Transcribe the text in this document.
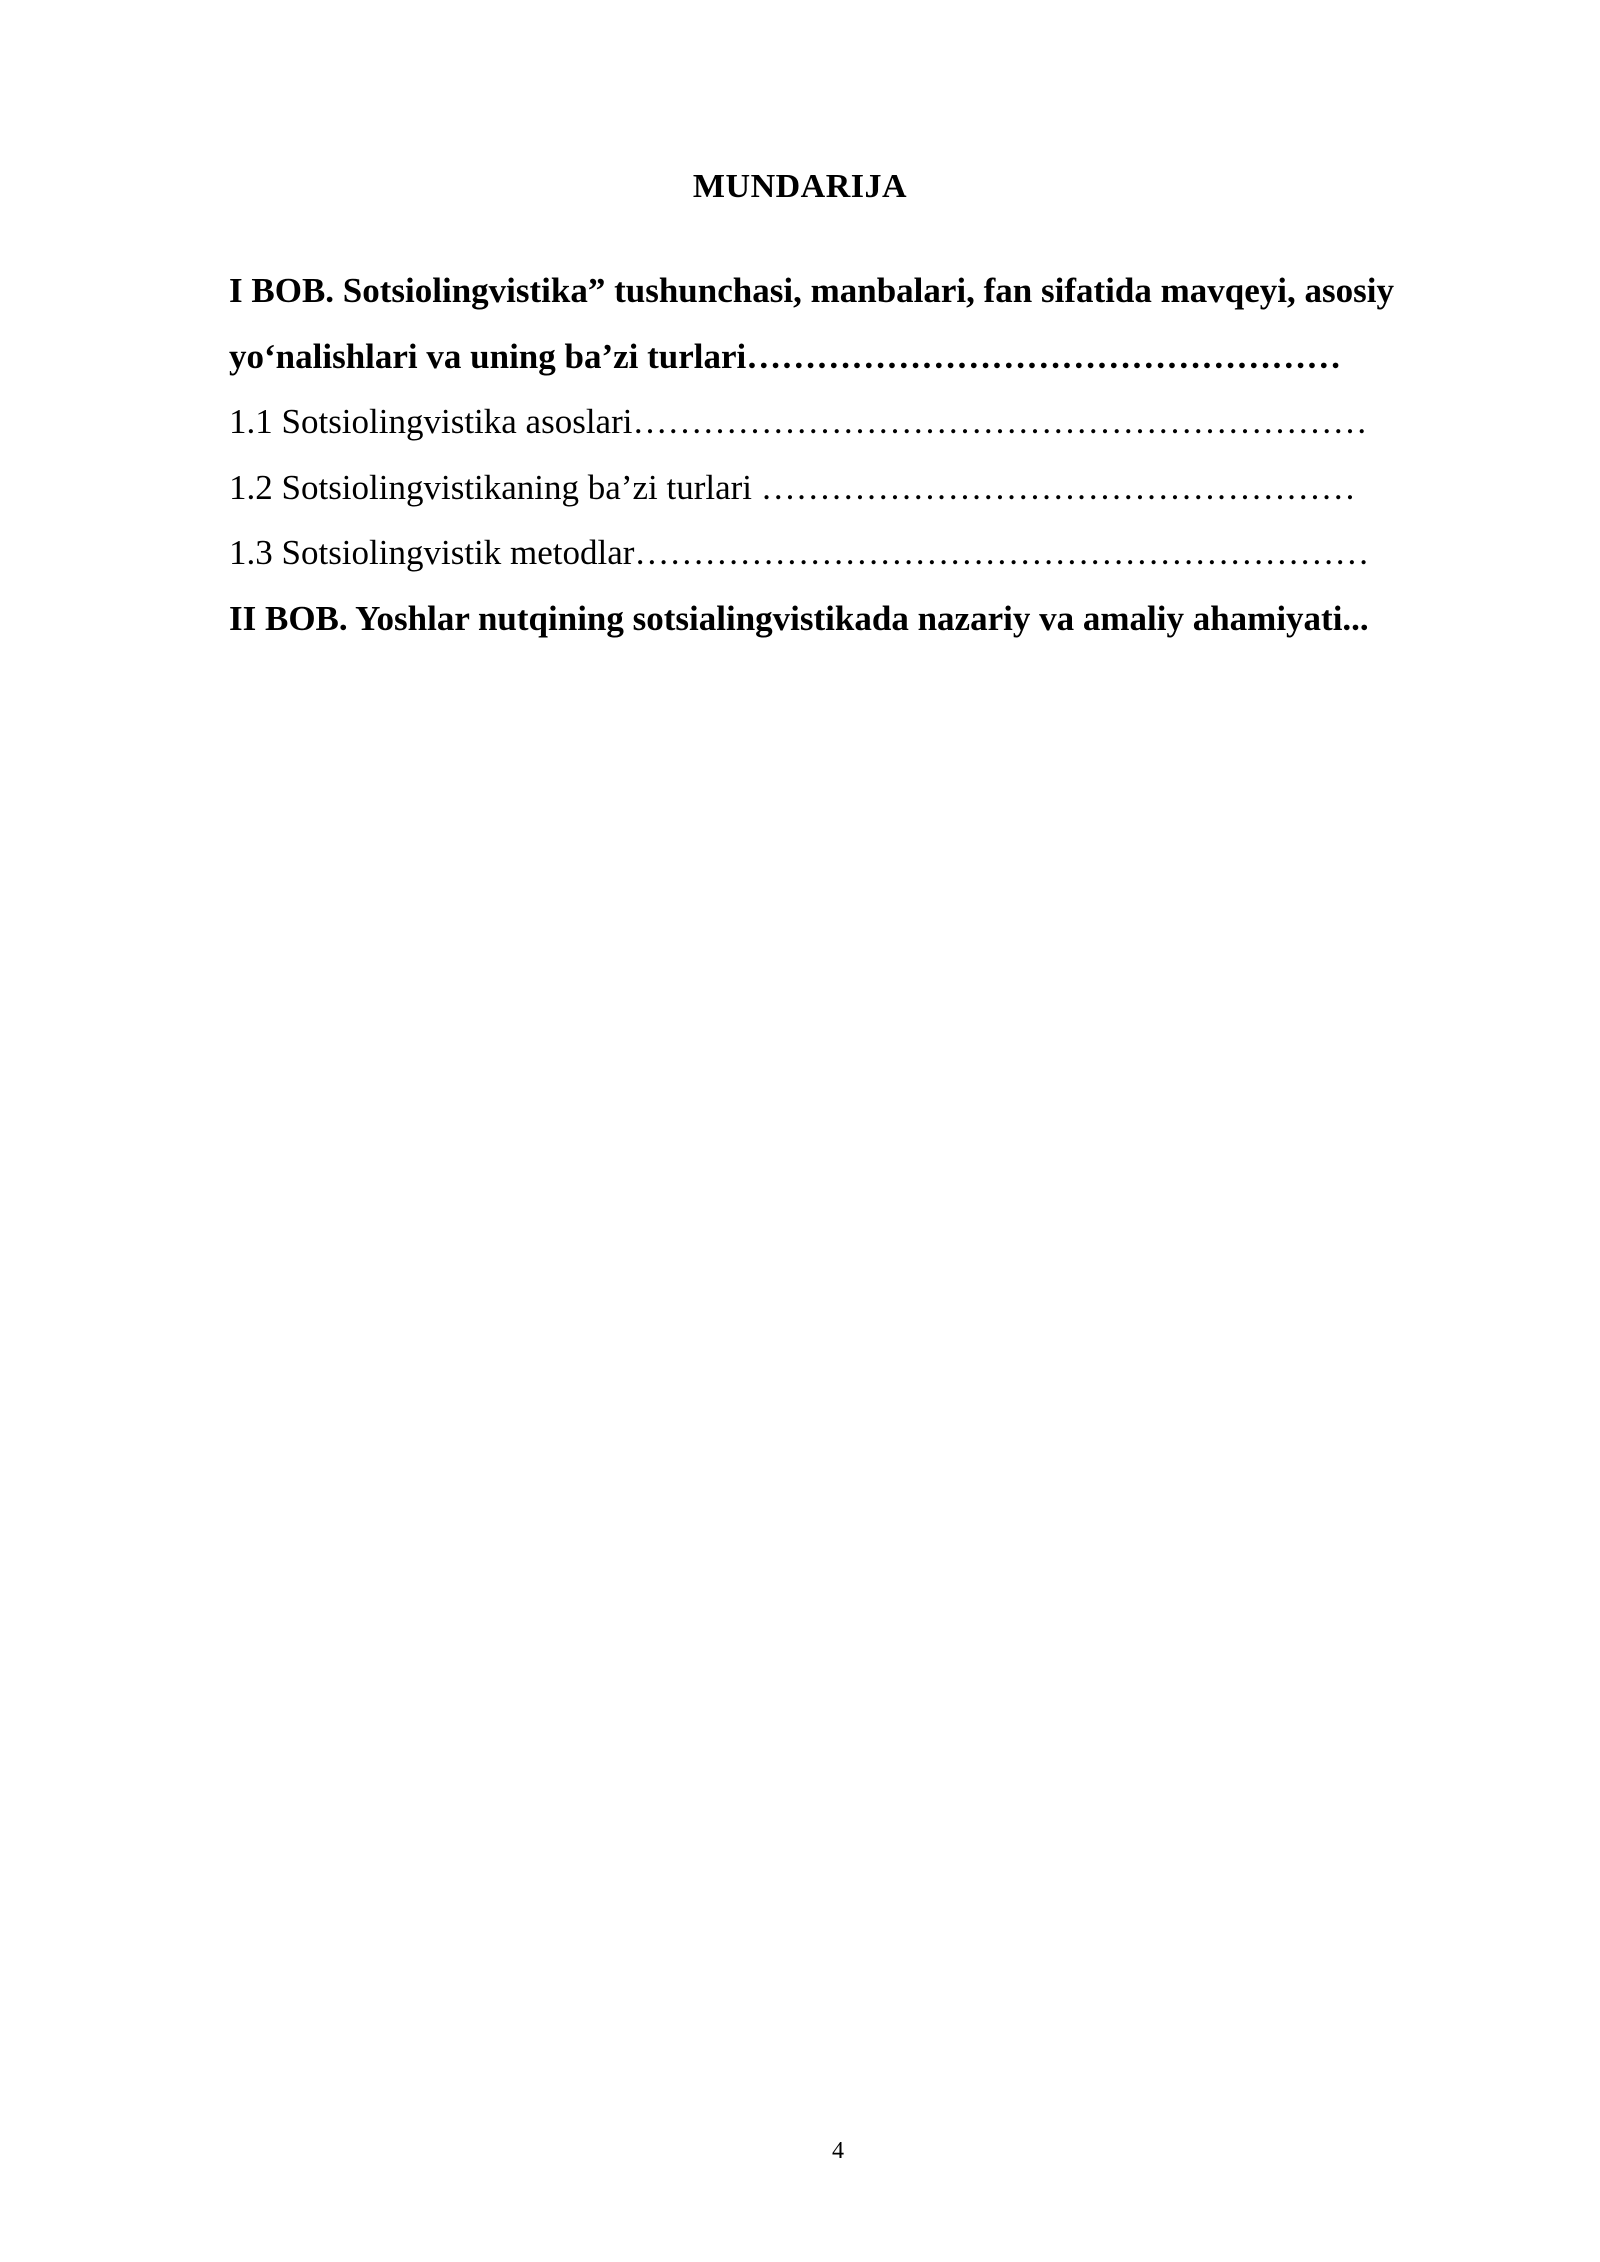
MUNDARIJA
I BOB. Sotsiolingvistika” tushunchasi, manbalari, fan sifatida mavqeyi, asosiy
yo‘nalishlari va uning ba’zi turlari……………………………………………
1.1 Sotsiolingvistika asoslari………………………………………………………
1.2 Sotsiolingvistikaning ba’zi turlari ……………………………………………
1.3 Sotsiolingvistik metodlar………………………………………………………
II BOB. Yoshlar nutqining sotsialingvistikada nazariy va amaliy ahamiyati...
4
